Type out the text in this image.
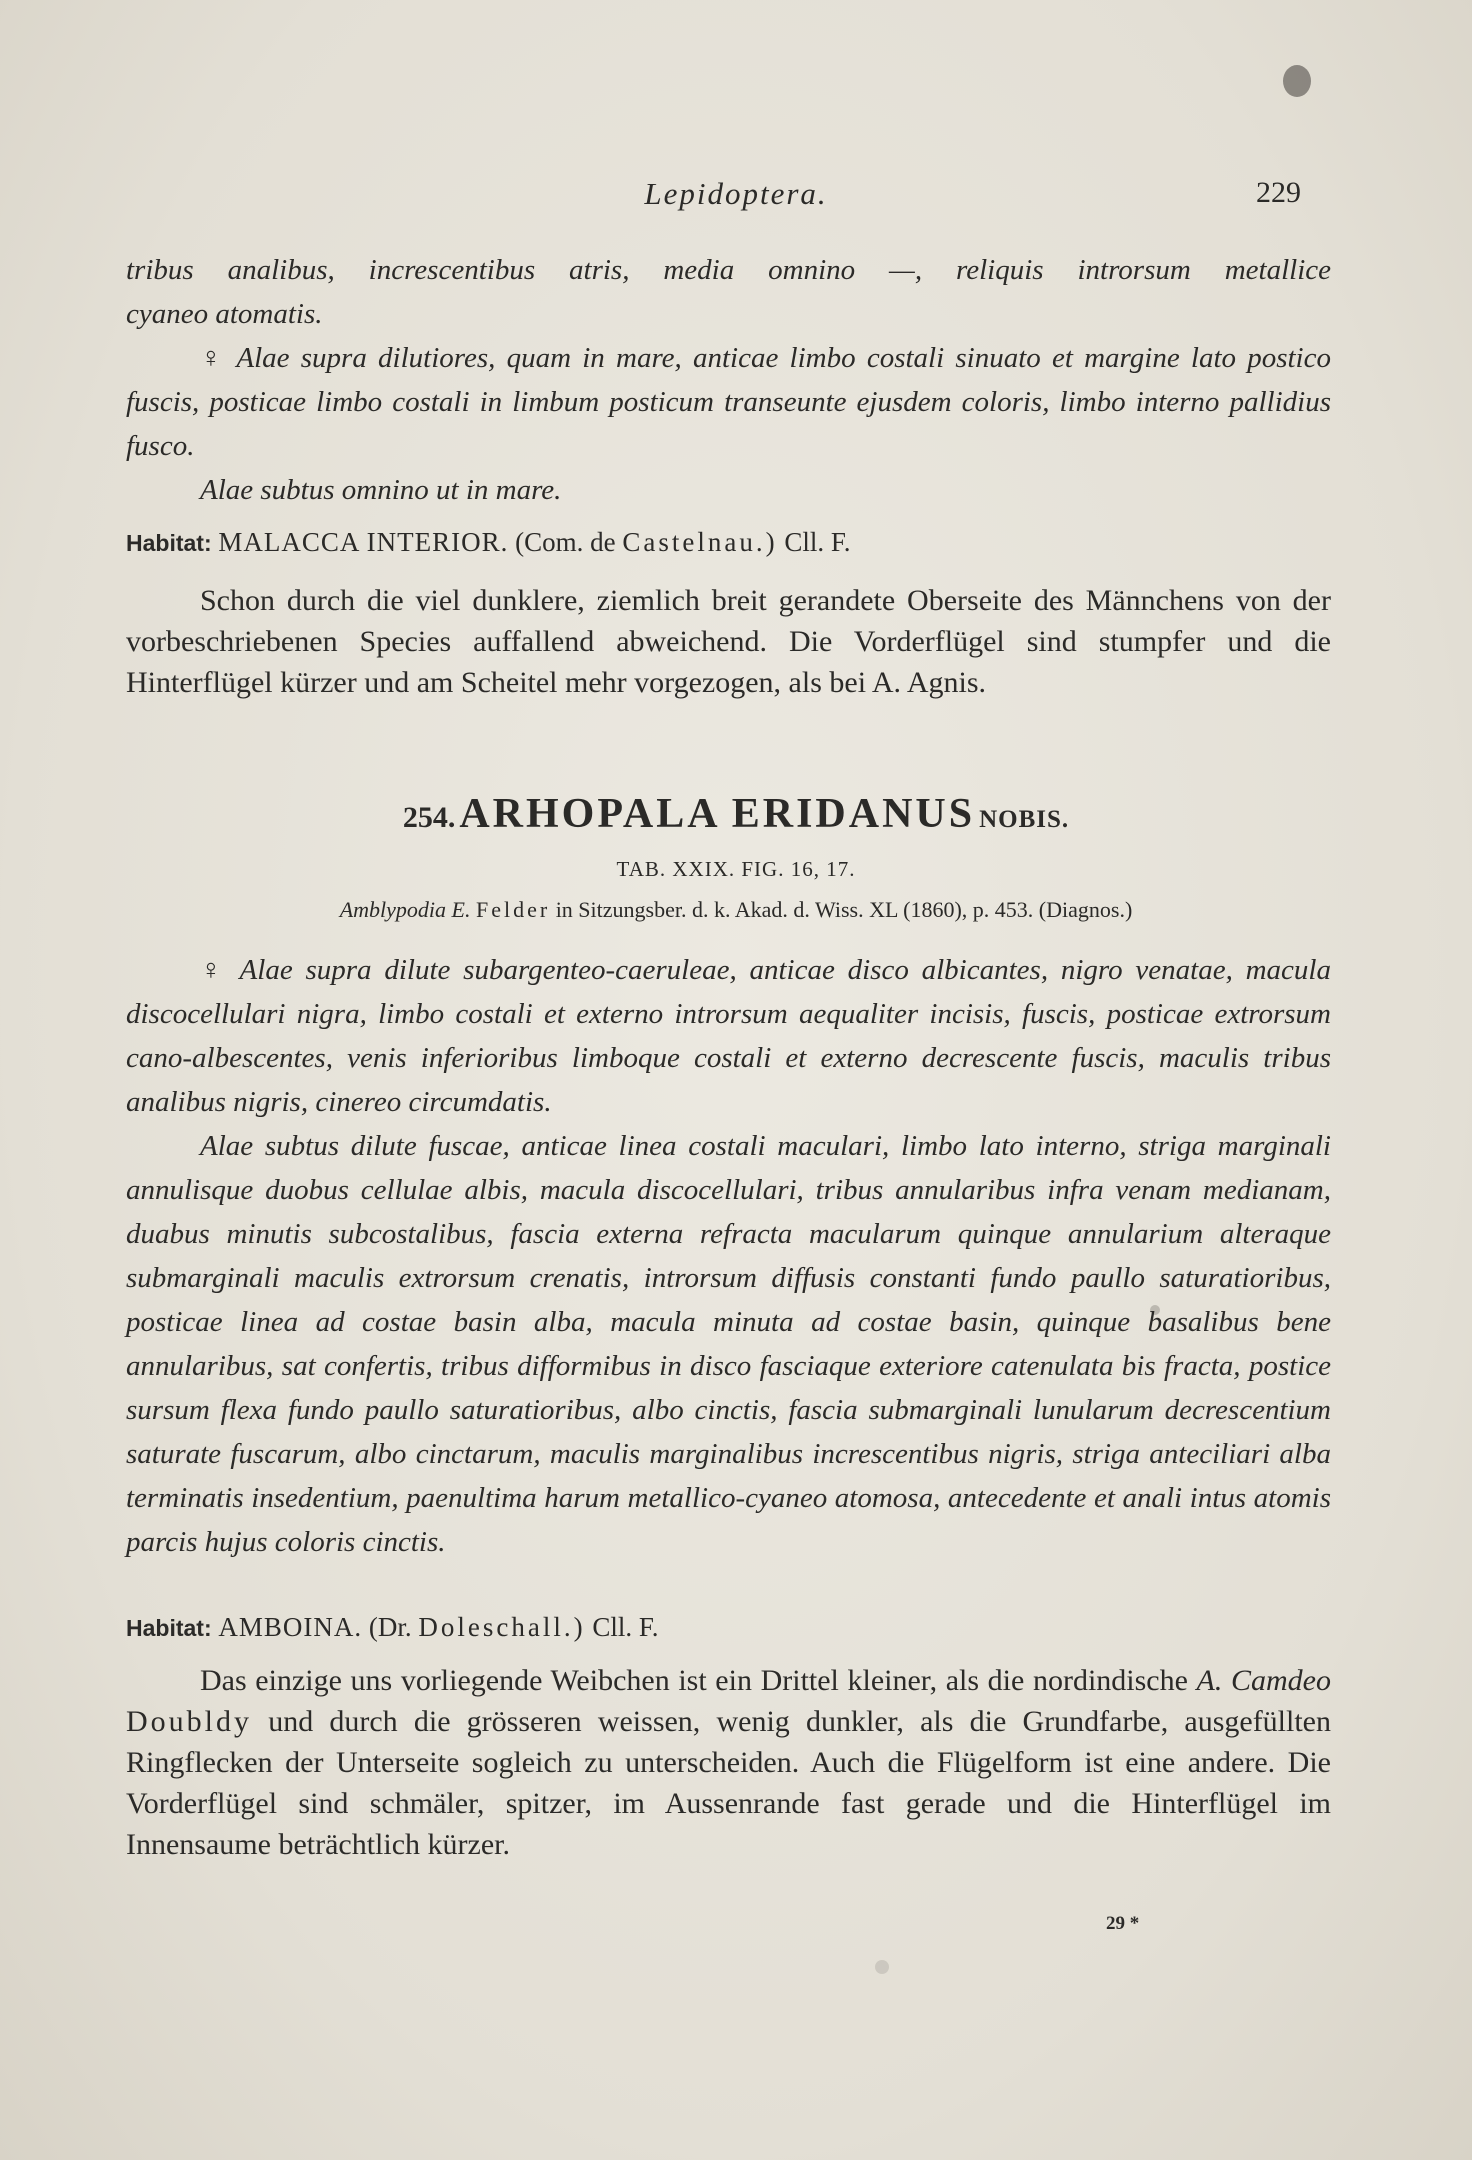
Lepidoptera.	229

tribus analibus, increscentibus atris, media omnino —, reliquis introrsum metallice

cyaneo atomatis.

♀ Alae supra dilutiores, quam in mare, anticae limbo costali sinuato et margine lato postico fuscis, posticae limbo costali in limbum posticum transeunte ejusdem coloris, limbo interno pallidius fusco.

Alae subtus omnino ut in mare.

Habitat: MALACCA INTERIOR. (Com. de Castelnau.) Cll. F.

Schon durch die viel dunklere, ziemlich breit gerandete Oberseite des Männchens von der vorbeschriebenen Species auffallend abweichend. Die Vorderflügel sind stumpfer und die Hinterflügel kürzer und am Scheitel mehr vorgezogen, als bei A. Agnis.

254. ARHOPALA ERIDANUS NOBIS.
TAB. XXIX. FIG. 16, 17.
Amblypodia E. Felder in Sitzungsber. d. k. Akad. d. Wiss. XL (1860), p. 453. (Diagnos.)

♀ Alae supra dilute subargenteo-caeruleae, anticae disco albicantes, nigro venatae, macula discocellulari nigra, limbo costali et externo introrsum aequaliter incisis, fuscis, posticae extrorsum cano-albescentes, venis inferioribus limboque costali et externo decrescente fuscis, maculis tribus analibus nigris, cinereo circumdatis.

Alae subtus dilute fuscae, anticae linea costali maculari, limbo lato interno, striga marginali annulisque duobus cellulae albis, macula discocellulari, tribus annularibus infra venam medianam, duabus minutis subcostalibus, fascia externa refracta macularum quinque annularium alteraque submarginali maculis extrorsum crenatis, introrsum diffusis constanti fundo paullo saturatioribus, posticae linea ad costae basin alba, macula minuta ad costae basin, quinque basalibus bene annularibus, sat confertis, tribus difformibus in disco fasciaque exteriore catenulata bis fracta, postice sursum flexa fundo paullo saturatioribus, albo cinctis, fascia submarginali lunularum decrescentium saturate fuscarum, albo cinctarum, maculis marginalibus increscentibus nigris, striga anteciliari alba terminatis insedentium, paenultima harum metallico-cyaneo atomosa, antecedente et anali intus atomis parcis hujus coloris cinctis.

Habitat: AMBOINA. (Dr. Doleschall.) Cll. F.

Das einzige uns vorliegende Weibchen ist ein Drittel kleiner, als die nordindische A. Camdeo Doubldy und durch die grösseren weissen, wenig dunkler, als die Grundfarbe, ausgefüllten Ringflecken der Unterseite sogleich zu unterscheiden. Auch die Flügelform ist eine andere. Die Vorderflügel sind schmäler, spitzer, im Aussenrande fast gerade und die Hinterflügel im Innensaume beträchtlich kürzer.

29 *
